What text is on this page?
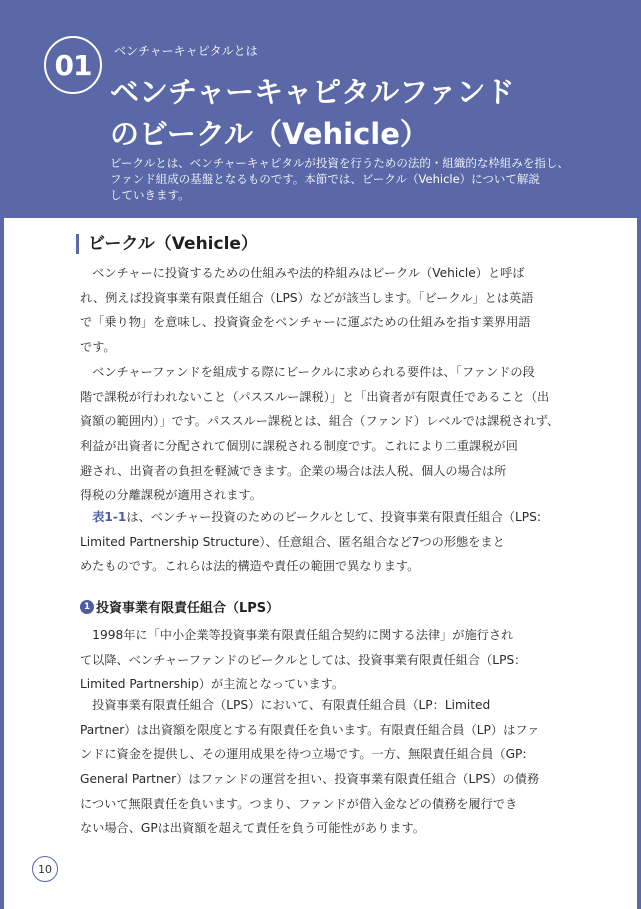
01	ベンチャーキャピタルとは
ベンチャーキャピタルファンド
のビークル（Vehicle）
ビークルとは、ベンチャーキャピタルが投資を行うための法的・組織的な枠組みを指し、
ファンド組成の基盤となるものです。本節では、ビークル（Vehicle）について解説
していきます。
ビークル（Vehicle）
　ベンチャーに投資するための仕組みや法的枠組みはビークル（Vehicle）と呼ば
れ、例えば投資事業有限責任組合（LPS）などが該当します。「ビークル」とは英語
で「乗り物」を意味し、投資資金をベンチャーに運ぶための仕組みを指す業界用語
です。
　ベンチャーファンドを組成する際にビークルに求められる要件は、「ファンドの段
階で課税が行われないこと（パススルー課税）」と「出資者が有限責任であること（出
資額の範囲内）」です。パススルー課税とは、組合（ファンド）レベルでは課税されず、
利益が出資者に分配されて個別に課税される制度です。これにより二重課税が回
避され、出資者の負担を軽減できます。企業の場合は法人税、個人の場合は所
得税の分離課税が適用されます。
　表1-1は、ベンチャー投資のためのビークルとして、投資事業有限責任組合（LPS:
Limited Partnership Structure）、任意組合、匿名組合など7つの形態をまと
めたものです。これらは法的構造や責任の範囲で異なります。
1 投資事業有限責任組合（LPS）
　1998年に「中小企業等投資事業有限責任組合契約に関する法律」が施行され
て以降、ベンチャーファンドのビークルとしては、投資事業有限責任組合（LPS：
Limited Partnership）が主流となっています。
　投資事業有限責任組合（LPS）において、有限責任組合員（LP：Limited
Partner）は出資額を限度とする有限責任を負います。有限責任組合員（LP）はファ
ンドに資金を提供し、その運用成果を待つ立場です。一方、無限責任組合員（GP:
General Partner）はファンドの運営を担い、投資事業有限責任組合（LPS）の債務
について無限責任を負います。つまり、ファンドが借入金などの債務を履行でき
ない場合、GPは出資額を超えて責任を負う可能性があります。
10
